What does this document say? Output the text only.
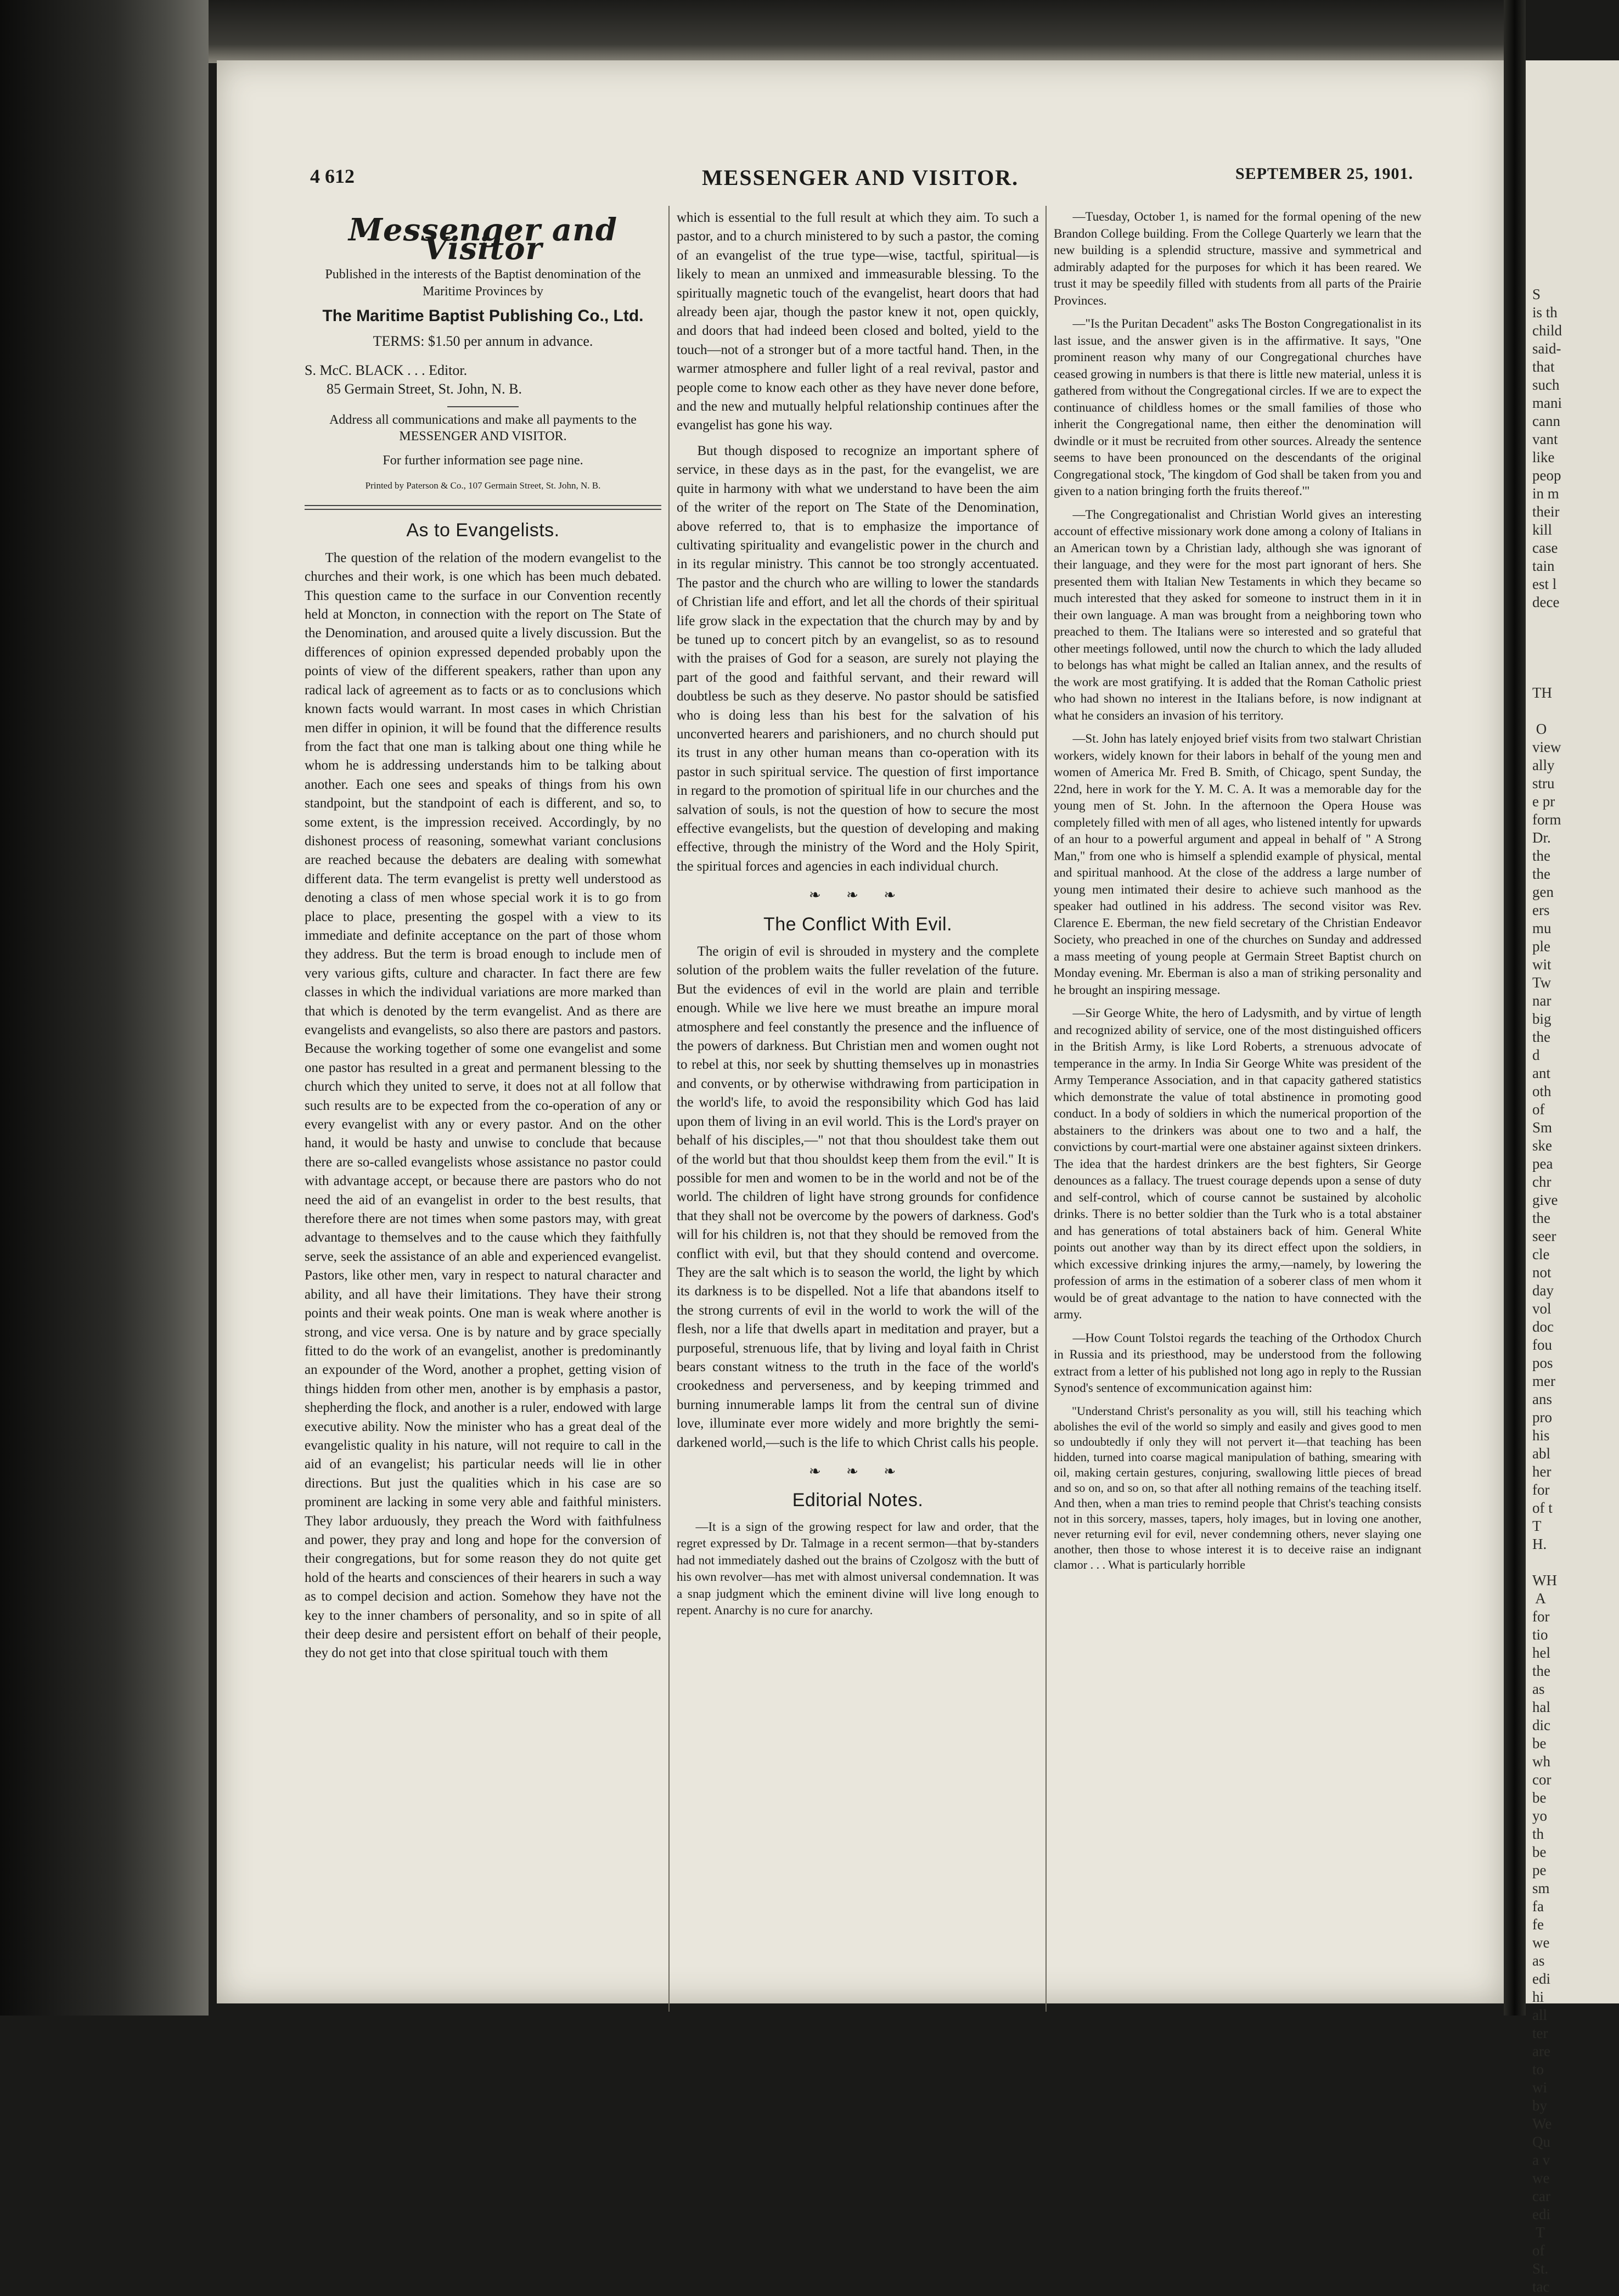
4 612	MESSENGER AND VISITOR.	SEPTEMBER 25, 1901.
Messenger and Visitor
Published in the interests of the Baptist denomination of the Maritime Provinces by
The Maritime Baptist Publishing Co., Ltd.
TERMS: $1.50 per annum in advance.
S. McC. BLACK . . . Editor.
85 Germain Street, St. John, N. B.
Address all communications and make all payments to the MESSENGER AND VISITOR.
For further information see page nine.
Printed by Paterson & Co., 107 Germain Street, St. John, N. B.
As to Evangelists.

The question of the relation of the modern evangelist to the churches and their work, is one which has been much debated. This question came to the surface in our Convention recently held at Moncton, in connection with the report on The State of the Denomination, and aroused quite a lively discussion. But the differences of opinion expressed depended probably upon the points of view of the different speakers, rather than upon any radical lack of agreement as to facts or as to conclusions which known facts would warrant. In most cases in which Christian men differ in opinion, it will be found that the difference results from the fact that one man is talking about one thing while he whom he is addressing understands him to be talking about another. Each one sees and speaks of things from his own standpoint, but the standpoint of each is different, and so, to some extent, is the impression received. Accordingly, by no dishonest process of reasoning, somewhat variant conclusions are reached because the debaters are dealing with somewhat different data. The term evangelist is pretty well understood as denoting a class of men whose special work it is to go from place to place, presenting the gospel with a view to its immediate and definite acceptance on the part of those whom they address. But the term is broad enough to include men of very various gifts, culture and character. In fact there are few classes in which the individual variations are more marked than that which is denoted by the term evangelist. And as there are evangelists and evangelists, so also there are pastors and pastors. Because the working together of some one evangelist and some one pastor has resulted in a great and permanent blessing to the church which they united to serve, it does not at all follow that such results are to be expected from the co-operation of any or every evangelist with any or every pastor. And on the other hand, it would be hasty and unwise to conclude that because there are so-called evangelists whose assistance no pastor could with advantage accept, or because there are pastors who do not need the aid of an evangelist in order to the best results, that therefore there are not times when some pastors may, with great advantage to themselves and to the cause which they faithfully serve, seek the assistance of an able and experienced evangelist. Pastors, like other men, vary in respect to natural character and ability, and all have their limitations. They have their strong points and their weak points. One man is weak where another is strong, and vice versa. One is by nature and by grace specially fitted to do the work of an evangelist, another is predominantly an expounder of the Word, another a prophet, getting vision of things hidden from other men, another is by emphasis a pastor, shepherding the flock, and another is a ruler, endowed with large executive ability. Now the minister who has a great deal of the evangelistic quality in his nature, will not require to call in the aid of an evangelist; his particular needs will lie in other directions. But just the qualities which in his case are so prominent are lacking in some very able and faithful ministers. They labor arduously, they preach the Word with faithfulness and power, they pray and long and hope for the conversion of their congregations, but for some reason they do not quite get hold of the hearts and consciences of their hearers in such a way as to compel decision and action. Somehow they have not the key to the inner chambers of personality, and so in spite of all their deep desire and persistent effort on behalf of their people, they do not get into that close spiritual touch with them

which is essential to the full result at which they aim. To such a pastor, and to a church ministered to by such a pastor, the coming of an evangelist of the true type—wise, tactful, spiritual—is likely to mean an unmixed and immeasurable blessing. To the spiritually magnetic touch of the evangelist, heart doors that had already been ajar, though the pastor knew it not, open quickly, and doors that had indeed been closed and bolted, yield to the touch—not of a stronger but of a more tactful hand. Then, in the warmer atmosphere and fuller light of a real revival, pastor and people come to know each other as they have never done before, and the new and mutually helpful relationship continues after the evangelist has gone his way.

But though disposed to recognize an important sphere of service, in these days as in the past, for the evangelist, we are quite in harmony with what we understand to have been the aim of the writer of the report on The State of the Denomination, above referred to, that is to emphasize the importance of cultivating spirituality and evangelistic power in the church and in its regular ministry. This cannot be too strongly accentuated. The pastor and the church who are willing to lower the standards of Christian life and effort, and let all the chords of their spiritual life grow slack in the expectation that the church may by and by be tuned up to concert pitch by an evangelist, so as to resound with the praises of God for a season, are surely not playing the part of the good and faithful servant, and their reward will doubtless be such as they deserve. No pastor should be satisfied who is doing less than his best for the salvation of his unconverted hearers and parishioners, and no church should put its trust in any other human means than co-operation with its pastor in such spiritual service. The question of first importance in regard to the promotion of spiritual life in our churches and the salvation of souls, is not the question of how to secure the most effective evangelists, but the question of developing and making effective, through the ministry of the Word and the Holy Spirit, the spiritual forces and agencies in each individual church.

❧ ❧ ❧
The Conflict With Evil.

The origin of evil is shrouded in mystery and the complete solution of the problem waits the fuller revelation of the future. But the evidences of evil in the world are plain and terrible enough. While we live here we must breathe an impure moral atmosphere and feel constantly the presence and the influence of the powers of darkness. But Christian men and women ought not to rebel at this, nor seek by shutting themselves up in monastries and convents, or by otherwise withdrawing from participation in the world's life, to avoid the responsibility which God has laid upon them of living in an evil world. This is the Lord's prayer on behalf of his disciples,—" not that thou shouldest take them out of the world but that thou shouldst keep them from the evil." It is possible for men and women to be in the world and not be of the world. The children of light have strong grounds for confidence that they shall not be overcome by the powers of darkness. God's will for his children is, not that they should be removed from the conflict with evil, but that they should contend and overcome. They are the salt which is to season the world, the light by which its darkness is to be dispelled. Not a life that abandons itself to the strong currents of evil in the world to work the will of the flesh, nor a life that dwells apart in meditation and prayer, but a purposeful, strenuous life, that by living and loyal faith in Christ bears constant witness to the truth in the face of the world's crookedness and perverseness, and by keeping trimmed and burning innumerable lamps lit from the central sun of divine love, illuminate ever more widely and more brightly the semi-darkened world,—such is the life to which Christ calls his people.

❧ ❧ ❧
Editorial Notes.

—It is a sign of the growing respect for law and order, that the regret expressed by Dr. Talmage in a recent sermon—that by-standers had not immediately dashed out the brains of Czolgosz with the butt of his own revolver—has met with almost universal condemnation. It was a snap judgment which the eminent divine will live long enough to repent. Anarchy is no cure for anarchy.

—Tuesday, October 1, is named for the formal opening of the new Brandon College building. From the College Quarterly we learn that the new building is a splendid structure, massive and symmetrical and admirably adapted for the purposes for which it has been reared. We trust it may be speedily filled with students from all parts of the Prairie Provinces.

—"Is the Puritan Decadent" asks The Boston Congregationalist in its last issue, and the answer given is in the affirmative. It says, "One prominent reason why many of our Congregational churches have ceased growing in numbers is that there is little new material, unless it is gathered from without the Congregational circles. If we are to expect the continuance of childless homes or the small families of those who inherit the Congregational name, then either the denomination will dwindle or it must be recruited from other sources. Already the sentence seems to have been pronounced on the descendants of the original Congregational stock, 'The kingdom of God shall be taken from you and given to a nation bringing forth the fruits thereof.'"

—The Congregationalist and Christian World gives an interesting account of effective missionary work done among a colony of Italians in an American town by a Christian lady, although she was ignorant of their language, and they were for the most part ignorant of hers. She presented them with Italian New Testaments in which they became so much interested that they asked for someone to instruct them in it in their own language. A man was brought from a neighboring town who preached to them. The Italians were so interested and so grateful that other meetings followed, until now the church to which the lady alluded to belongs has what might be called an Italian annex, and the results of the work are most gratifying. It is added that the Roman Catholic priest who had shown no interest in the Italians before, is now indignant at what he considers an invasion of his territory.

—St. John has lately enjoyed brief visits from two stalwart Christian workers, widely known for their labors in behalf of the young men and women of America Mr. Fred B. Smith, of Chicago, spent Sunday, the 22nd, here in work for the Y. M. C. A. It was a memorable day for the young men of St. John. In the afternoon the Opera House was completely filled with men of all ages, who listened intently for upwards of an hour to a powerful argument and appeal in behalf of " A Strong Man," from one who is himself a splendid example of physical, mental and spiritual manhood. At the close of the address a large number of young men intimated their desire to achieve such manhood as the speaker had outlined in his address. The second visitor was Rev. Clarence E. Eberman, the new field secretary of the Christian Endeavor Society, who preached in one of the churches on Sunday and addressed a mass meeting of young people at Germain Street Baptist church on Monday evening. Mr. Eberman is also a man of striking personality and he brought an inspiring message.

—Sir George White, the hero of Ladysmith, and by virtue of length and recognized ability of service, one of the most distinguished officers in the British Army, is like Lord Roberts, a strenuous advocate of temperance in the army. In India Sir George White was president of the Army Temperance Association, and in that capacity gathered statistics which demonstrate the value of total abstinence in promoting good conduct. In a body of soldiers in which the numerical proportion of the abstainers to the drinkers was about one to two and a half, the convictions by court-martial were one abstainer against sixteen drinkers. The idea that the hardest drinkers are the best fighters, Sir George denounces as a fallacy. The truest courage depends upon a sense of duty and self-control, which of course cannot be sustained by alcoholic drinks. There is no better soldier than the Turk who is a total abstainer and has generations of total abstainers back of him. General White points out another way than by its direct effect upon the soldiers, in which excessive drinking injures the army,—namely, by lowering the profession of arms in the estimation of a soberer class of men whom it would be of great advantage to the nation to have connected with the army.

—How Count Tolstoi regards the teaching of the Orthodox Church in Russia and its priesthood, may be understood from the following extract from a letter of his published not long ago in reply to the Russian Synod's sentence of excommunication against him:

"Understand Christ's personality as you will, still his teaching which abolishes the evil of the world so simply and easily and gives good to men so undoubtedly if only they will not pervert it—that teaching has been hidden, turned into coarse magical manipulation of bathing, smearing with oil, making certain gestures, conjuring, swallowing little pieces of bread and so on, and so on, so that after all nothing remains of the teaching itself. And then, when a man tries to remind people that Christ's teaching consists not in this sorcery, masses, tapers, holy images, but in loving one another, never returning evil for evil, never condemning others, never slaying one another, then those to whose interest it is to deceive raise an indignant clamor . . . What is particularly horrible

S
is th
child
said-
that
such
mani
cann
vant
like
peop
in m
their
kill
case
tain
est l
dece

TH

O
view
ally
stru
e pr
form
Dr.
the
the
gen
ers
mu
ple
wit
Tw
nar
big
the
d
ant
oth
of
Sm
ske
pea
chr
give
the
seer
cle
not
day
vol
doc
fou
pos
mer
ans
pro
his
abl
her
for
of t
T
H.

WH
A
for
tio
hel
the
as
hal
dic
be
wh
cor
be
yo
th
be
pe
sm
fa
fe
we
as
edi
hi
all
ter
are
to
wi
by
We
Qu
a v
we
car
edi
T
of
St.
tac
